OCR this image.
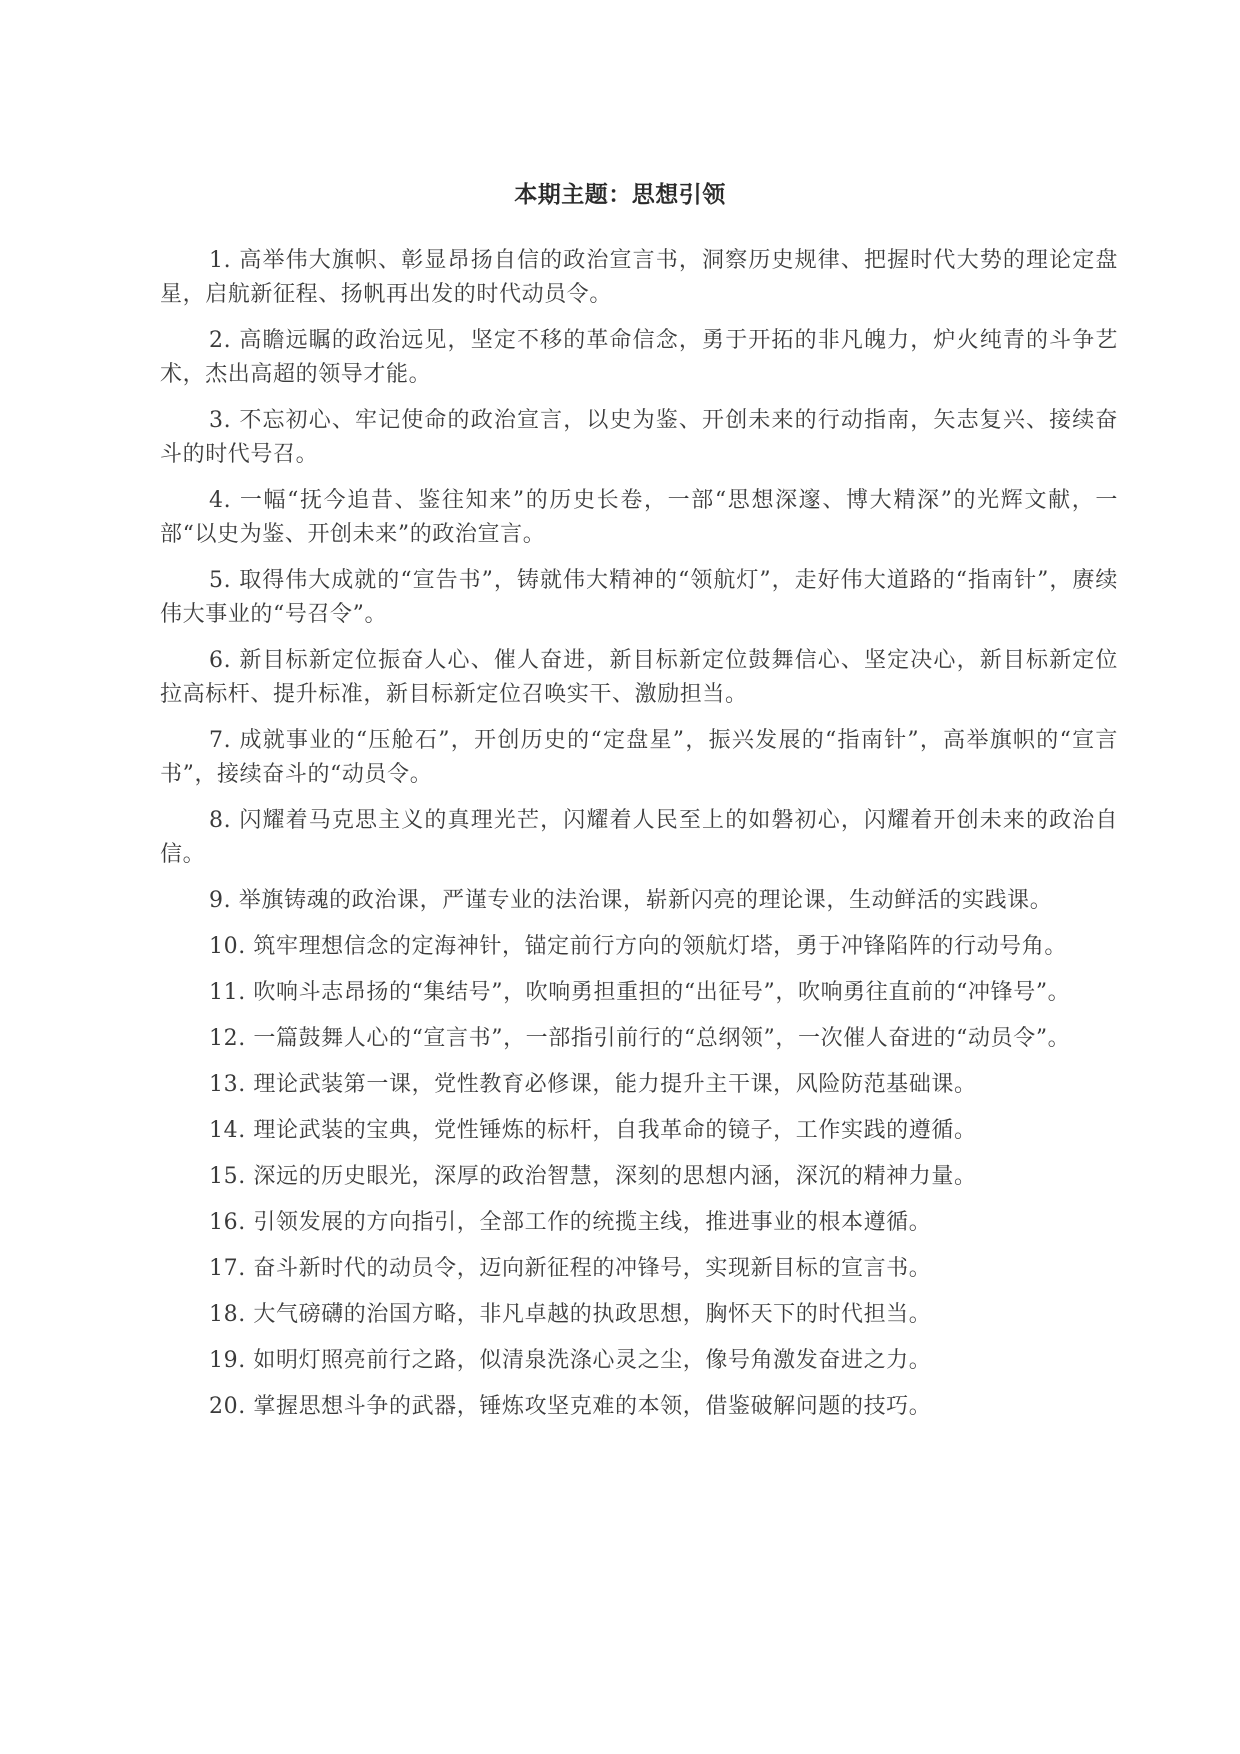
本期主题：思想引领

1. 高举伟大旗帜、彰显昂扬自信的政治宣言书，洞察历史规律、把握时代大势的理论定盘星，启航新征程、扬帆再出发的时代动员令。

2. 高瞻远瞩的政治远见，坚定不移的革命信念，勇于开拓的非凡魄力，炉火纯青的斗争艺术，杰出高超的领导才能。

3. 不忘初心、牢记使命的政治宣言，以史为鉴、开创未来的行动指南，矢志复兴、接续奋斗的时代号召。

4. 一幅“抚今追昔、鉴往知来”的历史长卷，一部“思想深邃、博大精深”的光辉文献，一部“以史为鉴、开创未来”的政治宣言。

5. 取得伟大成就的“宣告书”，铸就伟大精神的“领航灯”，走好伟大道路的“指南针”，赓续伟大事业的“号召令”。

6. 新目标新定位振奋人心、催人奋进，新目标新定位鼓舞信心、坚定决心，新目标新定位拉高标杆、提升标准，新目标新定位召唤实干、激励担当。

7. 成就事业的“压舱石”，开创历史的“定盘星”，振兴发展的“指南针”，高举旗帜的“宣言书”，接续奋斗的“动员令。

8. 闪耀着马克思主义的真理光芒，闪耀着人民至上的如磐初心，闪耀着开创未来的政治自信。

9. 举旗铸魂的政治课，严谨专业的法治课，崭新闪亮的理论课，生动鲜活的实践课。

10. 筑牢理想信念的定海神针，锚定前行方向的领航灯塔，勇于冲锋陷阵的行动号角。

11. 吹响斗志昂扬的“集结号”，吹响勇担重担的“出征号”，吹响勇往直前的“冲锋号”。

12. 一篇鼓舞人心的“宣言书”，一部指引前行的“总纲领”，一次催人奋进的“动员令”。

13. 理论武装第一课，党性教育必修课，能力提升主干课，风险防范基础课。

14. 理论武装的宝典，党性锤炼的标杆，自我革命的镜子，工作实践的遵循。

15. 深远的历史眼光，深厚的政治智慧，深刻的思想内涵，深沉的精神力量。

16. 引领发展的方向指引，全部工作的统揽主线，推进事业的根本遵循。

17. 奋斗新时代的动员令，迈向新征程的冲锋号，实现新目标的宣言书。

18. 大气磅礴的治国方略，非凡卓越的执政思想，胸怀天下的时代担当。

19. 如明灯照亮前行之路，似清泉洗涤心灵之尘，像号角激发奋进之力。

20. 掌握思想斗争的武器，锤炼攻坚克难的本领，借鉴破解问题的技巧。
